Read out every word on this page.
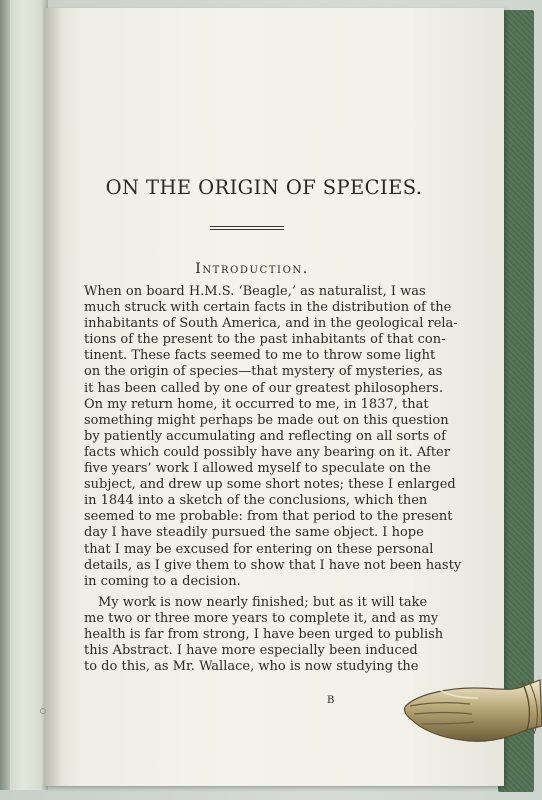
ON THE ORIGIN OF SPECIES.
Introduction.
When on board H.M.S. ‘Beagle,’ as naturalist, I was
much struck with certain facts in the distribution of the
inhabitants of South America, and in the geological rela-
tions of the present to the past inhabitants of that con-
tinent. These facts seemed to me to throw some light
on the origin of species—that mystery of mysteries, as
it has been called by one of our greatest philosophers.
On my return home, it occurred to me, in 1837, that
something might perhaps be made out on this question
by patiently accumulating and reflecting on all sorts of
facts which could possibly have any bearing on it. After
five years’ work I allowed myself to speculate on the
subject, and drew up some short notes; these I enlarged
in 1844 into a sketch of the conclusions, which then
seemed to me probable: from that period to the present
day I have steadily pursued the same object. I hope
that I may be excused for entering on these personal
details, as I give them to show that I have not been hasty
in coming to a decision.
My work is now nearly finished; but as it will take
me two or three more years to complete it, and as my
health is far from strong, I have been urged to publish
this Abstract. I have more especially been induced
to do this, as Mr. Wallace, who is now studying the
B
